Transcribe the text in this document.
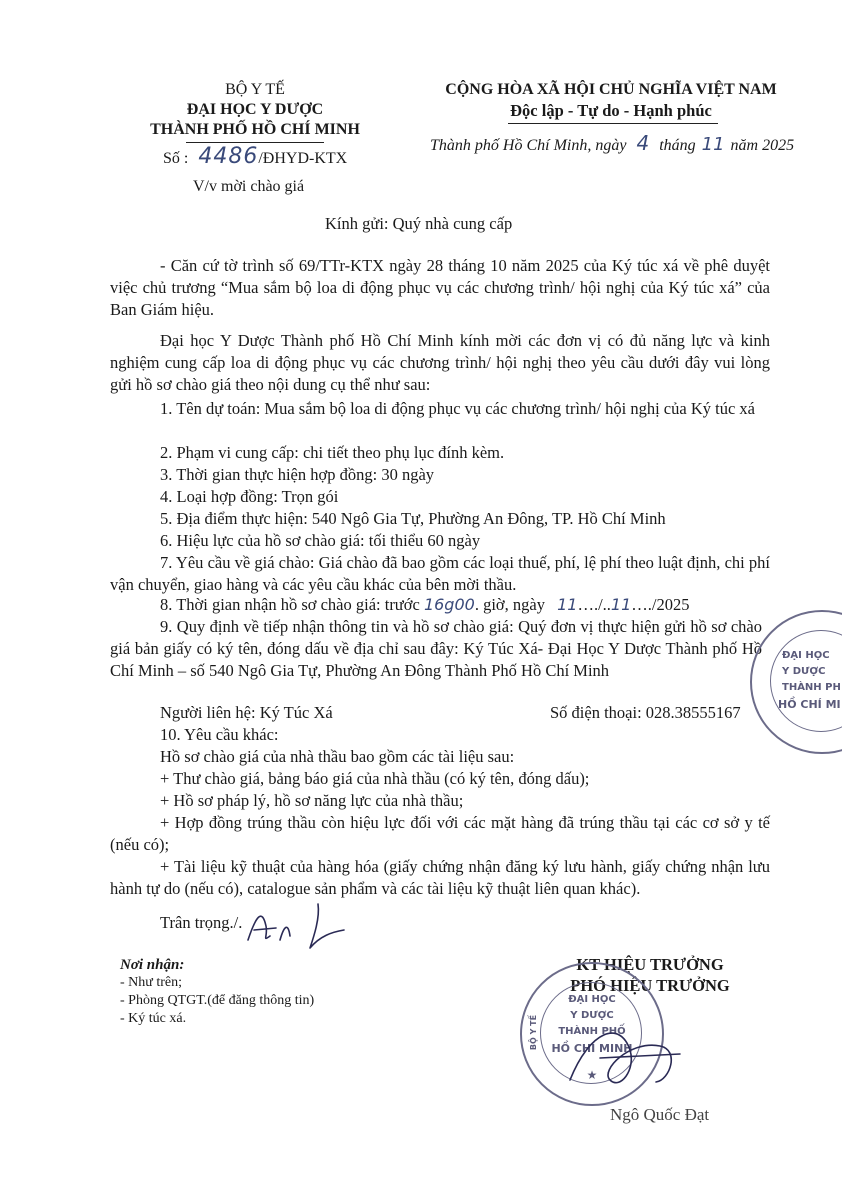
BỘ Y TẾ
ĐẠI HỌC Y DƯỢC
THÀNH PHỐ HỒ CHÍ MINH
Số : 4486/ĐHYD-KTX
V/v mời chào giá
CỘNG HÒA XÃ HỘI CHỦ NGHĨA VIỆT NAM
Độc lập - Tự do - Hạnh phúc
Thành phố Hồ Chí Minh, ngày 4 tháng 11 năm 2025
Kính gửi: Quý nhà cung cấp
- Căn cứ tờ trình số 69/TTr-KTX ngày 28 tháng 10 năm 2025 của Ký túc xá về phê duyệt việc chủ trương “Mua sắm bộ loa di động phục vụ các chương trình/ hội nghị của Ký túc xá” của Ban Giám hiệu.
Đại học Y Dược Thành phố Hồ Chí Minh kính mời các đơn vị có đủ năng lực và kinh nghiệm cung cấp loa di động phục vụ các chương trình/ hội nghị theo yêu cầu dưới đây vui lòng gửi hồ sơ chào giá theo nội dung cụ thể như sau:
1. Tên dự toán: Mua sắm bộ loa di động phục vụ các chương trình/ hội nghị của Ký túc xá
2. Phạm vi cung cấp: chi tiết theo phụ lục đính kèm.
3. Thời gian thực hiện hợp đồng: 30 ngày
4. Loại hợp đồng: Trọn gói
5. Địa điểm thực hiện: 540 Ngô Gia Tự, Phường An Đông, TP. Hồ Chí Minh
6. Hiệu lực của hồ sơ chào giá: tối thiểu 60 ngày
7. Yêu cầu về giá chào: Giá chào đã bao gồm các loại thuế, phí, lệ phí theo luật định, chi phí vận chuyển, giao hàng và các yêu cầu khác của bên mời thầu.
8. Thời gian nhận hồ sơ chào giá: trước 16g00. giờ, ngày 11…./..11…./2025
9. Quy định về tiếp nhận thông tin và hồ sơ chào giá: Quý đơn vị thực hiện gửi hồ sơ chào giá bản giấy có ký tên, đóng dấu về địa chỉ sau đây: Ký Túc Xá- Đại Học Y Dược Thành phố Hồ Chí Minh – số 540 Ngô Gia Tự, Phường An Đông Thành Phố Hồ Chí Minh
Người liên hệ: Ký Túc Xá	Số điện thoại: 028.38555167
10. Yêu cầu khác:
Hồ sơ chào giá của nhà thầu bao gồm các tài liệu sau:
+ Thư chào giá, bảng báo giá của nhà thầu (có ký tên, đóng dấu);
+ Hồ sơ pháp lý, hồ sơ năng lực của nhà thầu;
+ Hợp đồng trúng thầu còn hiệu lực đối với các mặt hàng đã trúng thầu tại các cơ sở y tế (nếu có);
+ Tài liệu kỹ thuật của hàng hóa (giấy chứng nhận đăng ký lưu hành, giấy chứng nhận lưu hành tự do (nếu có), catalogue sản phẩm và các tài liệu kỹ thuật liên quan khác).
Trân trọng./.
Nơi nhận:
- Như trên;
- Phòng QTGT.(để đăng thông tin)
- Ký túc xá.
KT HIỆU TRƯỞNG
PHÓ HIỆU TRƯỞNG
ĐẠI HỌC
Y DƯỢC
THÀNH PHỐ
HỒ CHÍ MINH
BỘ Y TẾ
★
Ngô Quốc Đạt
ĐẠI HỌC
Y DƯỢC
THÀNH PH
HỒ CHÍ MI
